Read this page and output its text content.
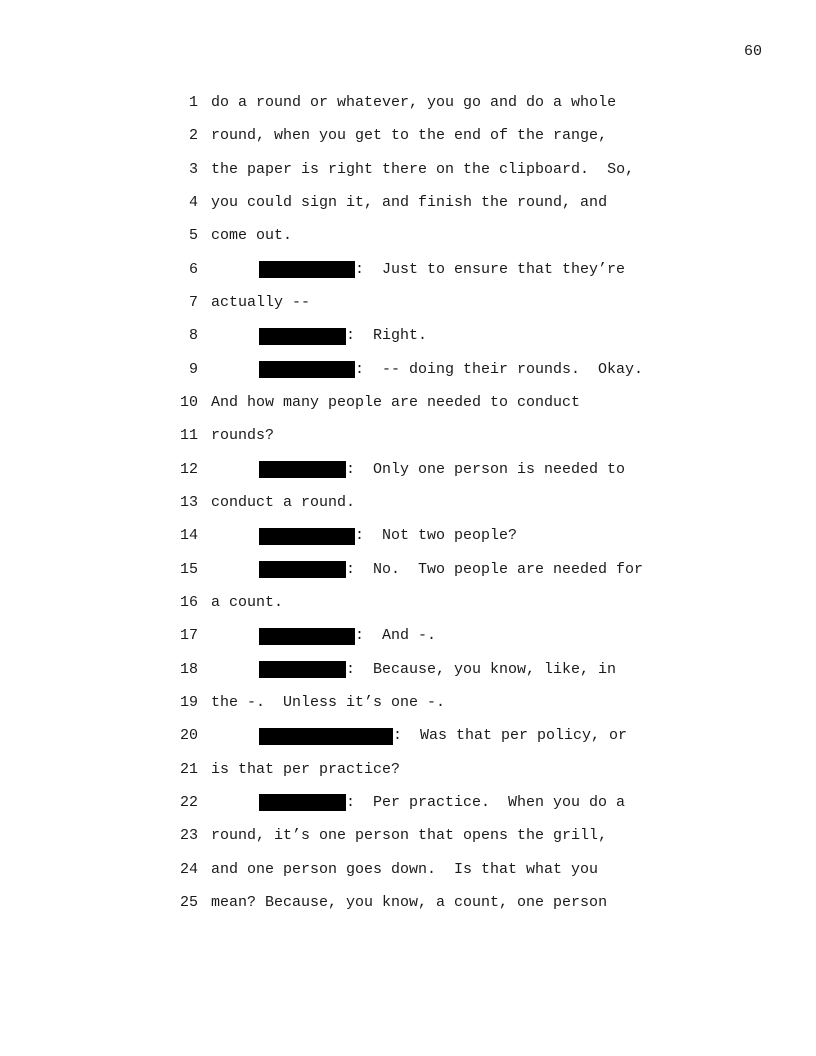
60
1 do a round or whatever, you go and do a whole
2 round, when you get to the end of the range,
3 the paper is right there on the clipboard.  So,
4 you could sign it, and finish the round, and
5 come out.
6	:  Just to ensure that they’re
7 actually --
8	:  Right.
9	:  -- doing their rounds.  Okay.
10 And how many people are needed to conduct
11 rounds?
12	:  Only one person is needed to
13 conduct a round.
14	:  Not two people?
15	:  No.  Two people are needed for
16 a count.
17	:  And -.
18	:  Because, you know, like, in
19 the -.  Unless it’s one -.
20	:  Was that per policy, or
21 is that per practice?
22	:  Per practice.  When you do a
23 round, it’s one person that opens the grill,
24 and one person goes down.  Is that what you
25 mean? Because, you know, a count, one person
